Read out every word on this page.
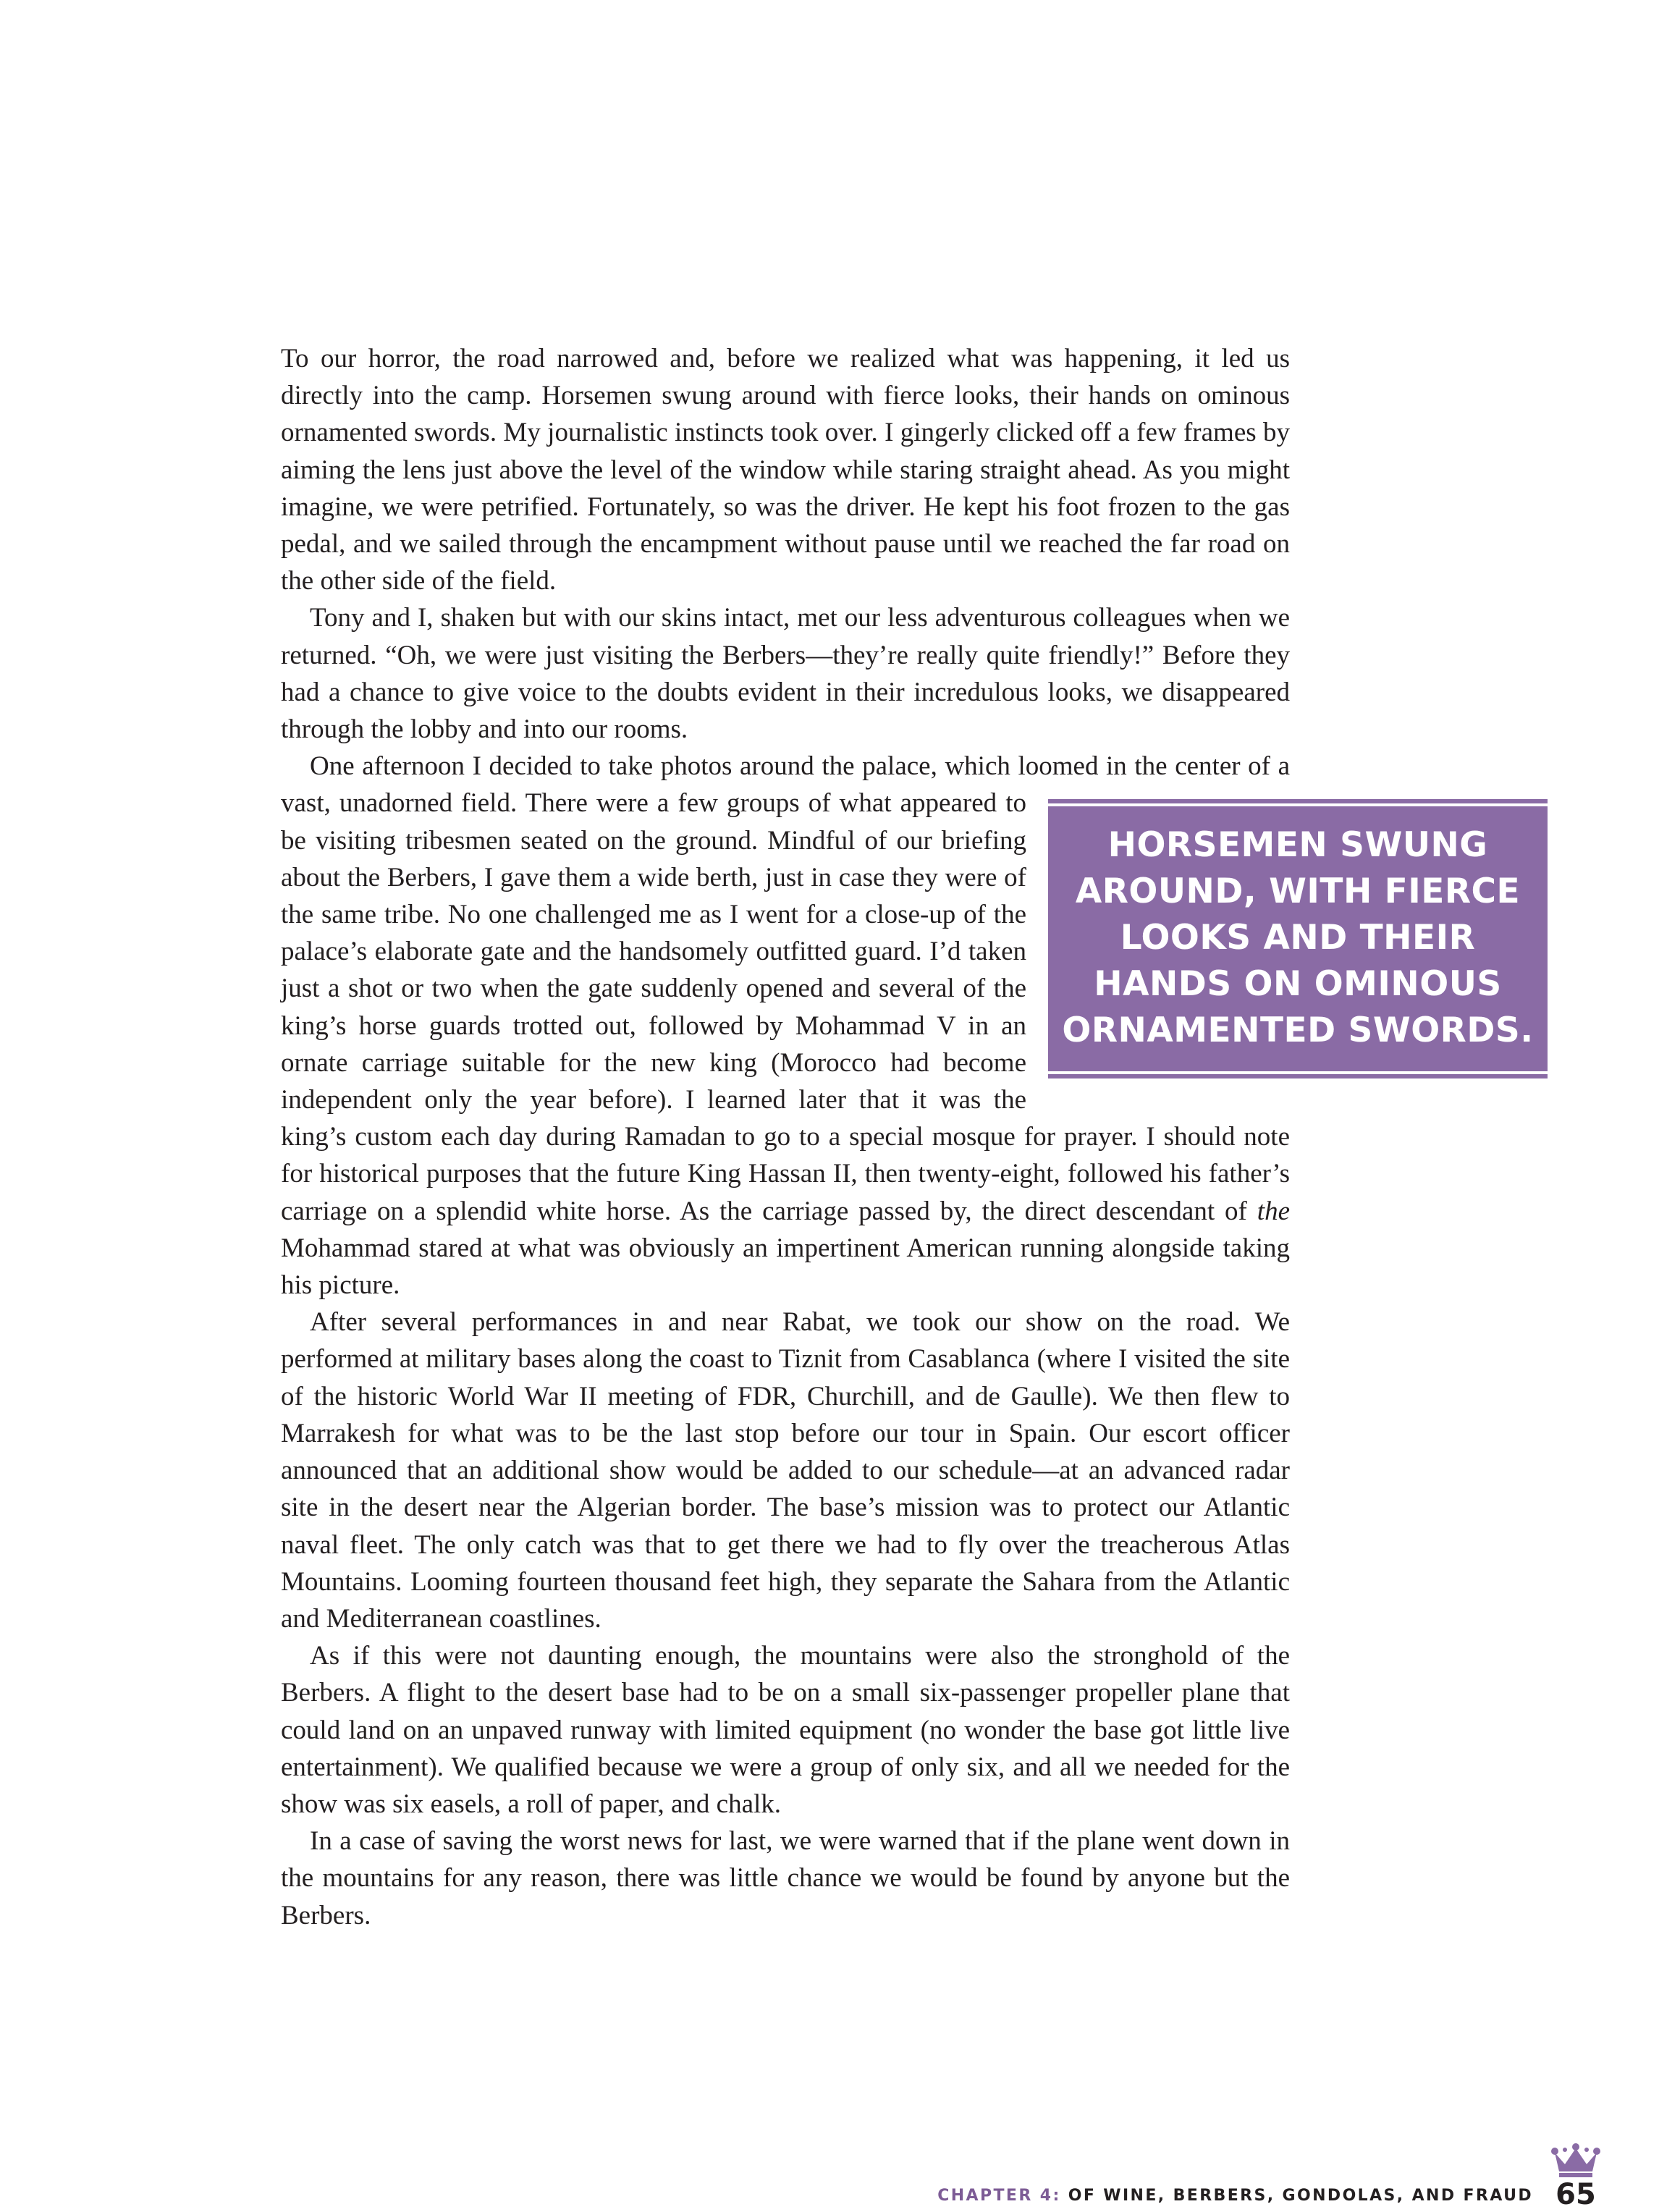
To our horror, the road narrowed and, before we realized what was happening, it led us directly into the camp. Horsemen swung around with fierce looks, their hands on ominous ornamented swords. My journalistic instincts took over. I gingerly clicked off a few frames by aiming the lens just above the level of the window while staring straight ahead. As you might imagine, we were petrified. Fortunately, so was the driver. He kept his foot frozen to the gas pedal, and we sailed through the encampment without pause until we reached the far road on the other side of the field.

Tony and I, shaken but with our skins intact, met our less adventurous colleagues when we returned. “Oh, we were just visiting the Berbers—they’re really quite friendly!” Before they had a chance to give voice to the doubts evident in their incredulous looks, we disappeared through the lobby and into our rooms.

One afternoon I decided to take photos around the palace, which loomed in the center
HORSEMEN SWUNG AROUND, WITH FIERCE LOOKS AND THEIR HANDS ON OMINOUS ORNAMENTED SWORDS.
of a vast, unadorned field. There were a few groups of what appeared to be visiting tribesmen seated on the ground. Mindful of our briefing about the Berbers, I gave them a wide berth, just in case they were of the same tribe. No one challenged me as I went for a close-up of the palace’s elaborate gate and the handsomely outfitted guard. I’d taken just a shot or two when the gate suddenly opened and several of the king’s horse guards trotted out, followed by Mohammad V in an ornate carriage suitable for the new king (Morocco had become independent only the year before). I learned later that it was the king’s custom each day during Ramadan to go to a special mosque for prayer. I should note for historical purposes that the future King Hassan II, then twenty-eight, followed his father’s carriage on a splendid white horse. As the carriage passed by, the direct descendant of the Mohammad stared at what was obviously an impertinent American running alongside taking his picture.

After several performances in and near Rabat, we took our show on the road. We performed at military bases along the coast to Tiznit from Casablanca (where I visited the site of the historic World War II meeting of FDR, Churchill, and de Gaulle). We then flew to Marrakesh for what was to be the last stop before our tour in Spain. Our escort officer announced that an additional show would be added to our schedule—at an advanced radar site in the desert near the Algerian border. The base’s mission was to protect our Atlantic naval fleet. The only catch was that to get there we had to fly over the treacherous Atlas Mountains. Looming fourteen thousand feet high, they separate the Sahara from the Atlantic and Mediterranean coastlines.

As if this were not daunting enough, the mountains were also the stronghold of the Berbers. A flight to the desert base had to be on a small six-passenger propeller plane that could land on an unpaved runway with limited equipment (no wonder the base got little live entertainment). We qualified because we were a group of only six, and all we needed for the show was six easels, a roll of paper, and chalk.

In a case of saving the worst news for last, we were warned that if the plane went down in the mountains for any reason, there was little chance we would be found by anyone but the Berbers.

CHAPTER 4: OF WINE, BERBERS, GONDOLAS, AND FRAUD 65
